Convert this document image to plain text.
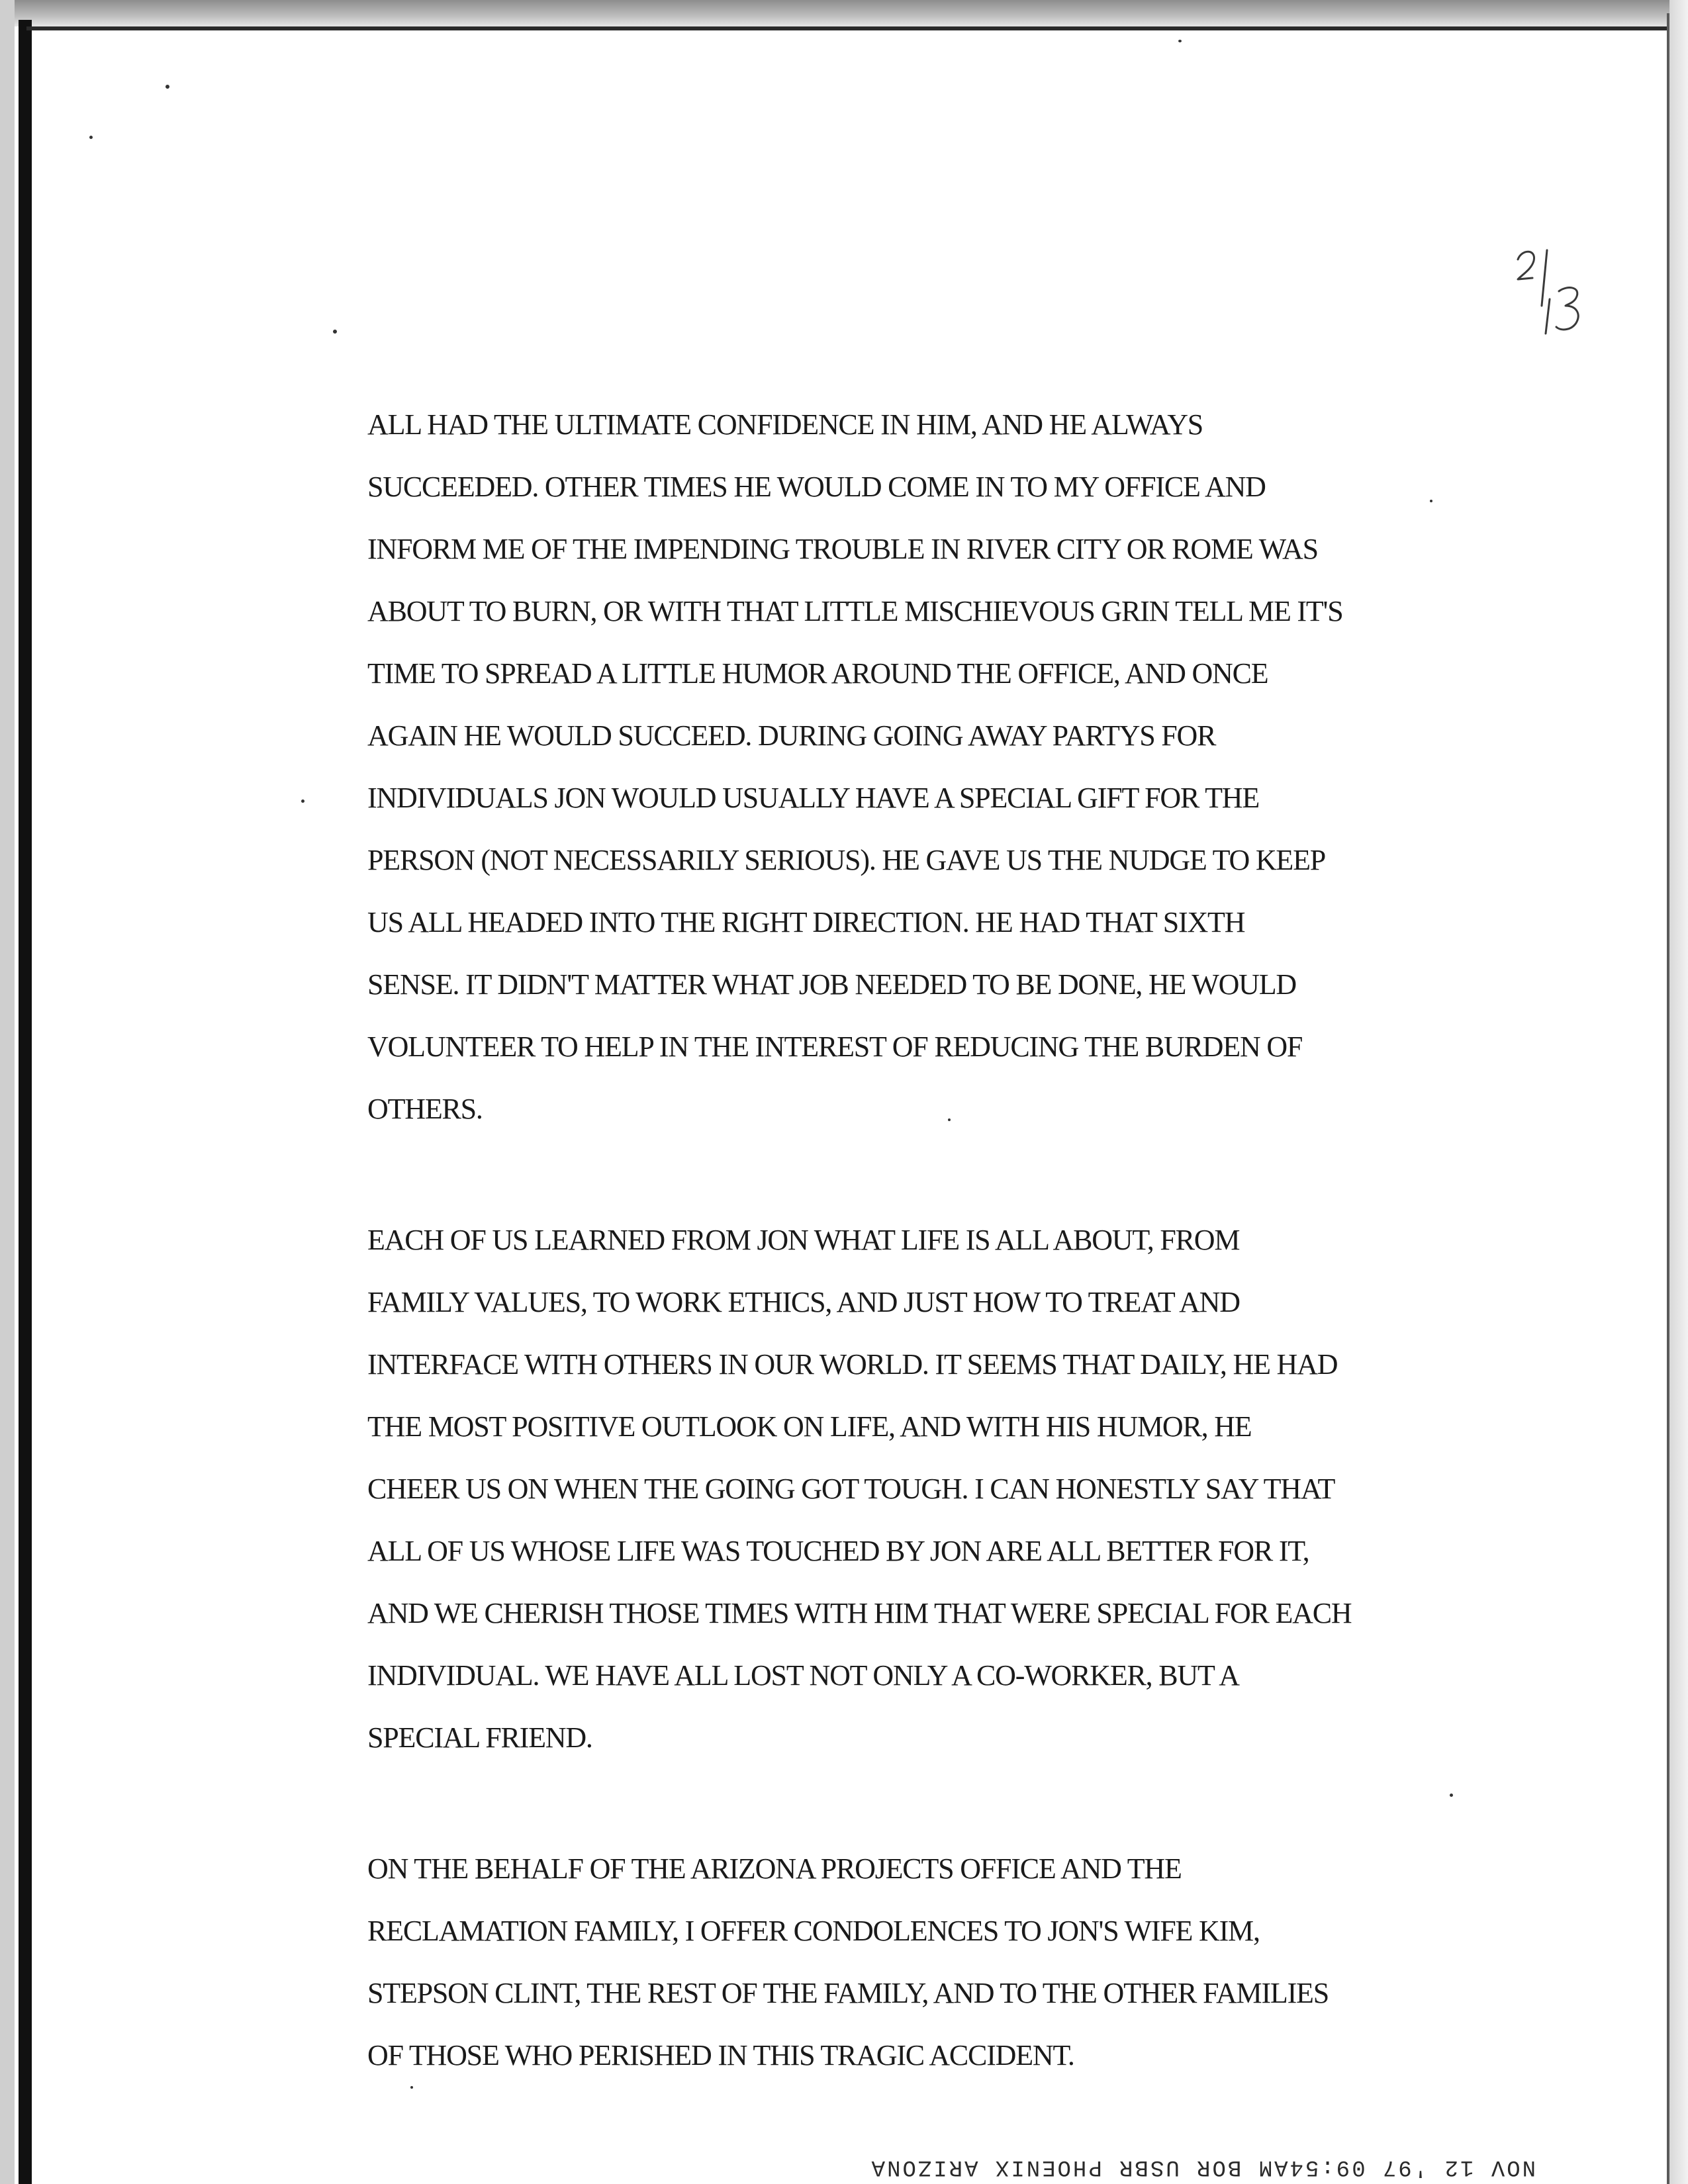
ALL HAD THE ULTIMATE CONFIDENCE IN HIM, AND HE ALWAYS
SUCCEEDED. OTHER TIMES HE WOULD COME IN TO MY OFFICE AND
INFORM ME OF THE IMPENDING TROUBLE IN RIVER CITY OR ROME WAS
ABOUT TO BURN, OR WITH THAT LITTLE MISCHIEVOUS GRIN TELL ME IT'S
TIME TO SPREAD A LITTLE HUMOR AROUND THE OFFICE, AND ONCE
AGAIN HE WOULD SUCCEED. DURING GOING AWAY PARTYS FOR
INDIVIDUALS JON WOULD USUALLY HAVE A SPECIAL GIFT FOR THE
PERSON (NOT NECESSARILY SERIOUS). HE GAVE US THE NUDGE TO KEEP
US ALL HEADED INTO THE RIGHT DIRECTION. HE HAD THAT SIXTH
SENSE. IT DIDN'T MATTER WHAT JOB NEEDED TO BE DONE, HE WOULD
VOLUNTEER TO HELP IN THE INTEREST OF REDUCING THE BURDEN OF
OTHERS.
EACH OF US LEARNED FROM JON WHAT LIFE IS ALL ABOUT, FROM
FAMILY VALUES, TO WORK ETHICS, AND JUST HOW TO TREAT AND
INTERFACE WITH OTHERS IN OUR WORLD. IT SEEMS THAT DAILY, HE HAD
THE MOST POSITIVE OUTLOOK ON LIFE, AND WITH HIS HUMOR, HE
CHEER US ON WHEN THE GOING GOT TOUGH. I CAN HONESTLY SAY THAT
ALL OF US WHOSE LIFE WAS TOUCHED BY JON ARE ALL BETTER FOR IT,
AND WE CHERISH THOSE TIMES WITH HIM THAT WERE SPECIAL FOR EACH
INDIVIDUAL. WE HAVE ALL LOST NOT ONLY A CO-WORKER, BUT A
SPECIAL FRIEND.
ON THE BEHALF OF THE ARIZONA PROJECTS OFFICE AND THE
RECLAMATION FAMILY, I OFFER CONDOLENCES TO JON'S WIFE KIM,
STEPSON CLINT, THE REST OF THE FAMILY, AND TO THE OTHER FAMILIES
OF THOSE WHO PERISHED IN THIS TRAGIC ACCIDENT.
NOV 12 '97 09:54AM BOR USBR PHOENIX ARIZONA
